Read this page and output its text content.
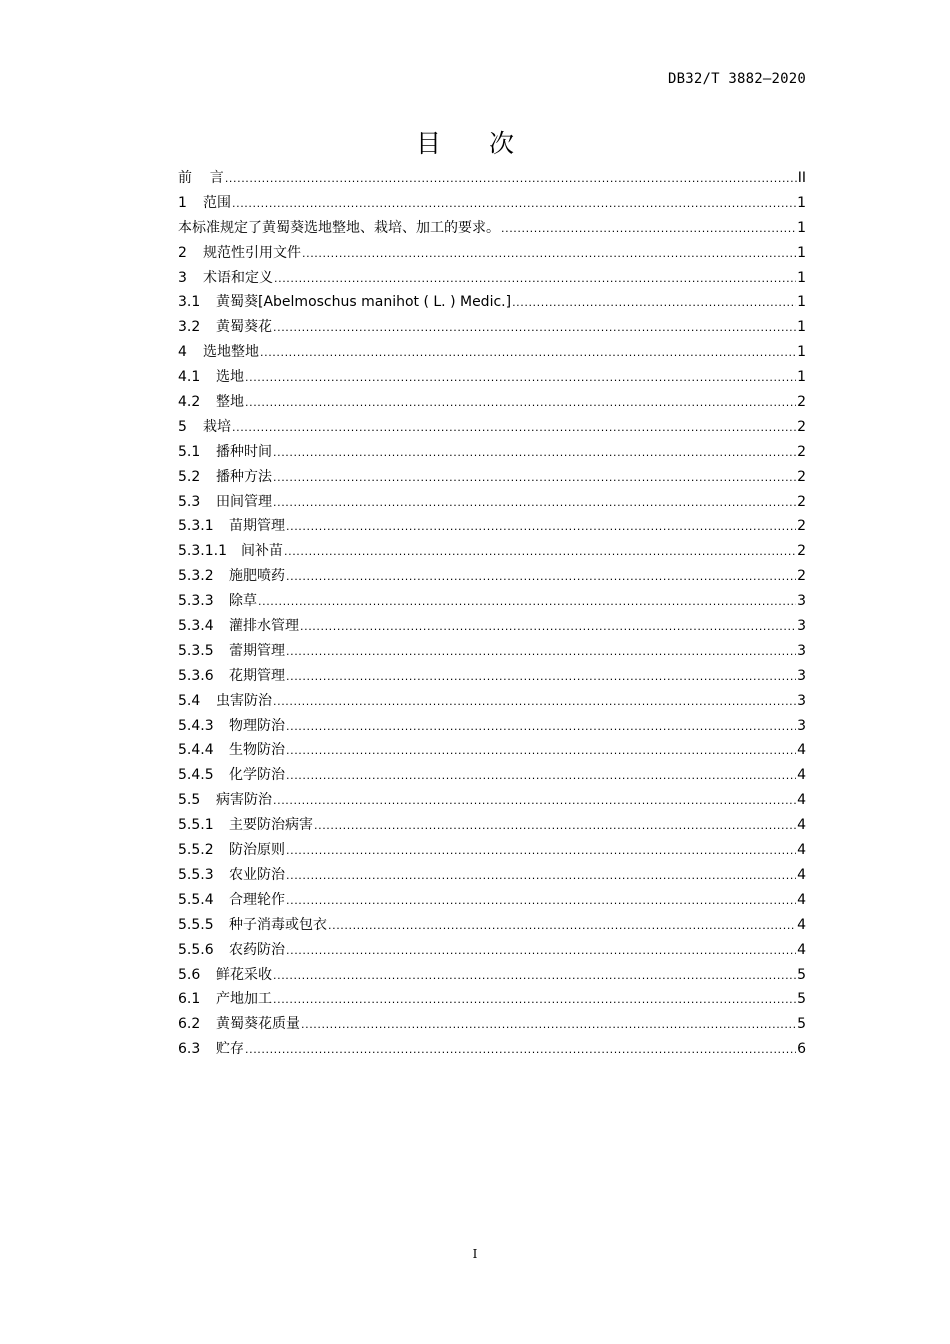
DB32/T 3882—2020
目 次
前    言 .....	II
1	范围 .....	1
本标准规定了黄蜀葵选地整地、栽培、加工的要求。 .....	1
2	规范性引用文件 .....	1
3	术语和定义 .....	1
3.1	黄蜀葵[Abelmoschus manihot ( L. ) Medic.] .....	1
3.2	黄蜀葵花 .....	1
4	选地整地 .....	1
4.1	选地 .....	1
4.2	整地 .....	2
5	栽培 .....	2
5.1	播种时间 .....	2
5.2	播种方法 .....	2
5.3	田间管理 .....	2
5.3.1	苗期管理 .....	2
5.3.1.1	间补苗 .....	2
5.3.2	施肥喷药 .....	2
5.3.3	除草 .....	3
5.3.4	灌排水管理 .....	3
5.3.5	蕾期管理 .....	3
5.3.6	花期管理 .....	3
5.4	虫害防治 .....	3
5.4.3	物理防治 .....	3
5.4.4	生物防治 .....	4
5.4.5	化学防治 .....	4
5.5	病害防治 .....	4
5.5.1	主要防治病害 .....	4
5.5.2	防治原则 .....	4
5.5.3	农业防治 .....	4
5.5.4	合理轮作 .....	4
5.5.5	种子消毒或包衣 .....	4
5.5.6	农药防治 .....	4
5.6	鲜花采收 .....	5
6.1	产地加工 .....	5
6.2	黄蜀葵花质量 .....	5
6.3	贮存 .....	6
I
